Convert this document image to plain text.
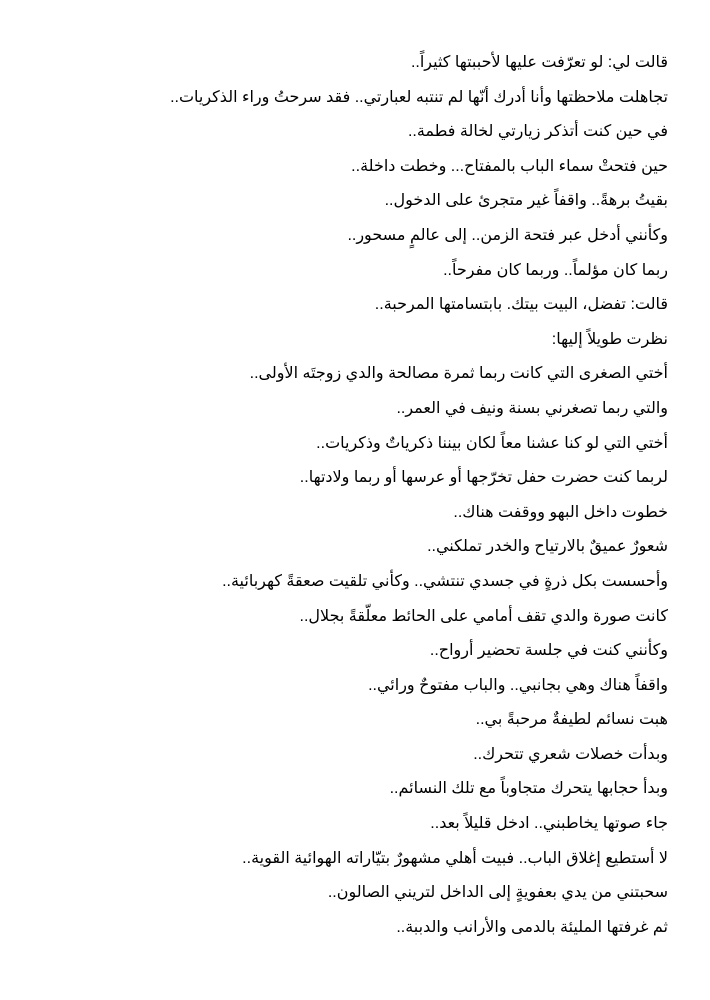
قالت لي: لو تعرّفت عليها لأحببتها كثيراً..
تجاهلت ملاحظتها وأنا أدرك أنّها لم تنتبه لعبارتي.. فقد سرحتُ وراء الذكريات..
في حين كنت أتذكر زيارتي لخالة فطمة..
حين فتحتْ سماء الباب بالمفتاح... وخطت داخلة..
بقيتُ برهةً.. واقفاً غير متجرئ على الدخول..
وكأنني أدخل عبر فتحة الزمن.. إلى عالمٍ مسحور..
ربما كان مؤلماً.. وربما كان مفرحاً..
قالت: تفضل، البيت بيتك. بابتسامتها المرحبة..
نظرت طويلاً إليها:
أختي الصغرى التي كانت ربما ثمرة مصالحة والدي زوجتَه الأولى..
والتي ربما تصغرني بسنة ونيف في العمر..
أختي التي لو كنا عشنا معاً لكان بيننا ذكرياتٌ وذكريات..
لربما كنت حضرت حفل تخرّجها أو عرسها أو ربما ولادتها..
خطوت داخل البهو ووقفت هناك..
شعورٌ عميقٌ بالارتياح والخدر تملكني..
وأحسست بكل ذرةٍ في جسدي تنتشي.. وكأني تلقيت صعقةً كهربائية..
كانت صورة والدي تقف أمامي على الحائط معلّقةً بجلال..
وكأنني كنت في جلسة تحضير أرواح..
واقفاً هناك وهي بجانبي.. والباب مفتوحٌ ورائي..
هبت نسائم لطيفةٌ مرحبةً بي..
وبدأت خصلات شعري تتحرك..
وبدأ حجابها يتحرك متجاوباً مع تلك النسائم..
جاء صوتها يخاطبني.. ادخل قليلاً بعد..
لا أستطيع إغلاق الباب.. فبيت أهلي مشهورٌ بتيّاراته الهوائية القوية..
سحبتني من يدي بعفويةٍ إلى الداخل لتريني الصالون..
ثم غرفتها المليئة بالدمى والأرانب والدببة..
